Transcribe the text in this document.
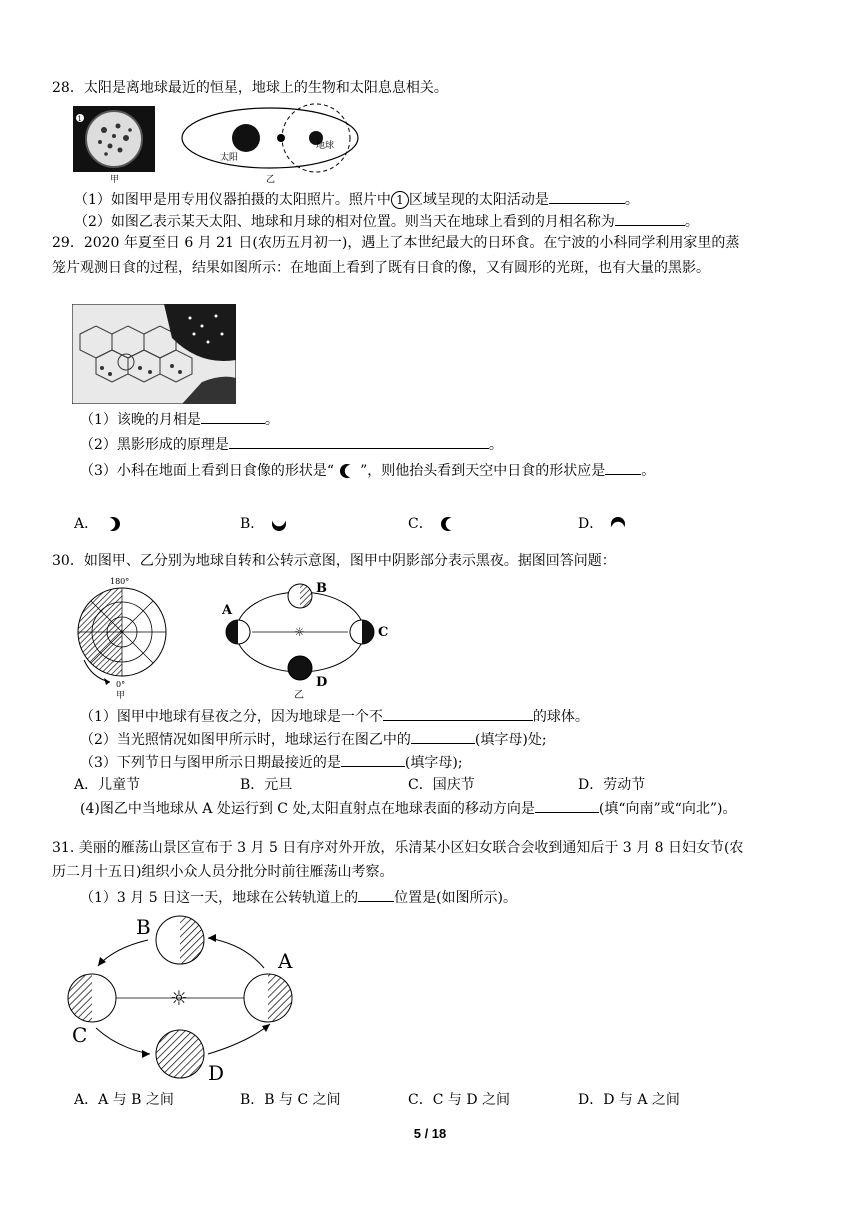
28．太阳是离地球最近的恒星，地球上的生物和太阳息息相关。
1
甲
太阳
地球
乙
（1）如图甲是用专用仪器拍摄的太阳照片。照片中 1 区域呈现的太阳活动是	。
（2）如图乙表示某天太阳、地球和月球的相对位置。则当天在地球上看到的月相名称为	。
29．2020 年夏至日 6 月 21 日(农历五月初一)，遇上了本世纪最大的日环食。在宁波的小科同学利用家里的蒸
笼片观测日食的过程，结果如图所示：在地面上看到了既有日食的像，又有圆形的光斑，也有大量的黑影。
（1）该晚的月相是	。
（2）黑影形成的原理是	。
（3）小科在地面上看到日食像的形状是“ ”，则他抬头看到天空中日食的形状应是	。
A．	B．	C．	D．
30．如图甲、乙分别为地球自转和公转示意图，图甲中阴影部分表示黑夜。据图回答问题：
180°
0°
甲
☼
B
A
C
D
乙
（1）图甲中地球有昼夜之分，因为地球是一个不	的球体。
（2）当光照情况如图甲所示时，地球运行在图乙中的	(填字母)处;
（3）下列节日与图甲所示日期最接近的是	(填字母);
A．儿童节	B．元旦	C．国庆节	D．劳动节
(4)图乙中当地球从 A 处运行到 C 处,太阳直射点在地球表面的移动方向是	(填“向南”或“向北”)。
31. 美丽的雁荡山景区宣布于 3 月 5 日有序对外开放，乐清某小区妇女联合会收到通知后于 3 月 8 日妇女节(农
历二月十五日)组织小众人员分批分时前往雁荡山考察。
（1）3 月 5 日这一天，地球在公转轨道上的	位置是(如图所示)。
☼
B
A
C
D
A．A 与 B 之间	B．B 与 C 之间	C．C 与 D 之间	D．D 与 A 之间
5 / 18
